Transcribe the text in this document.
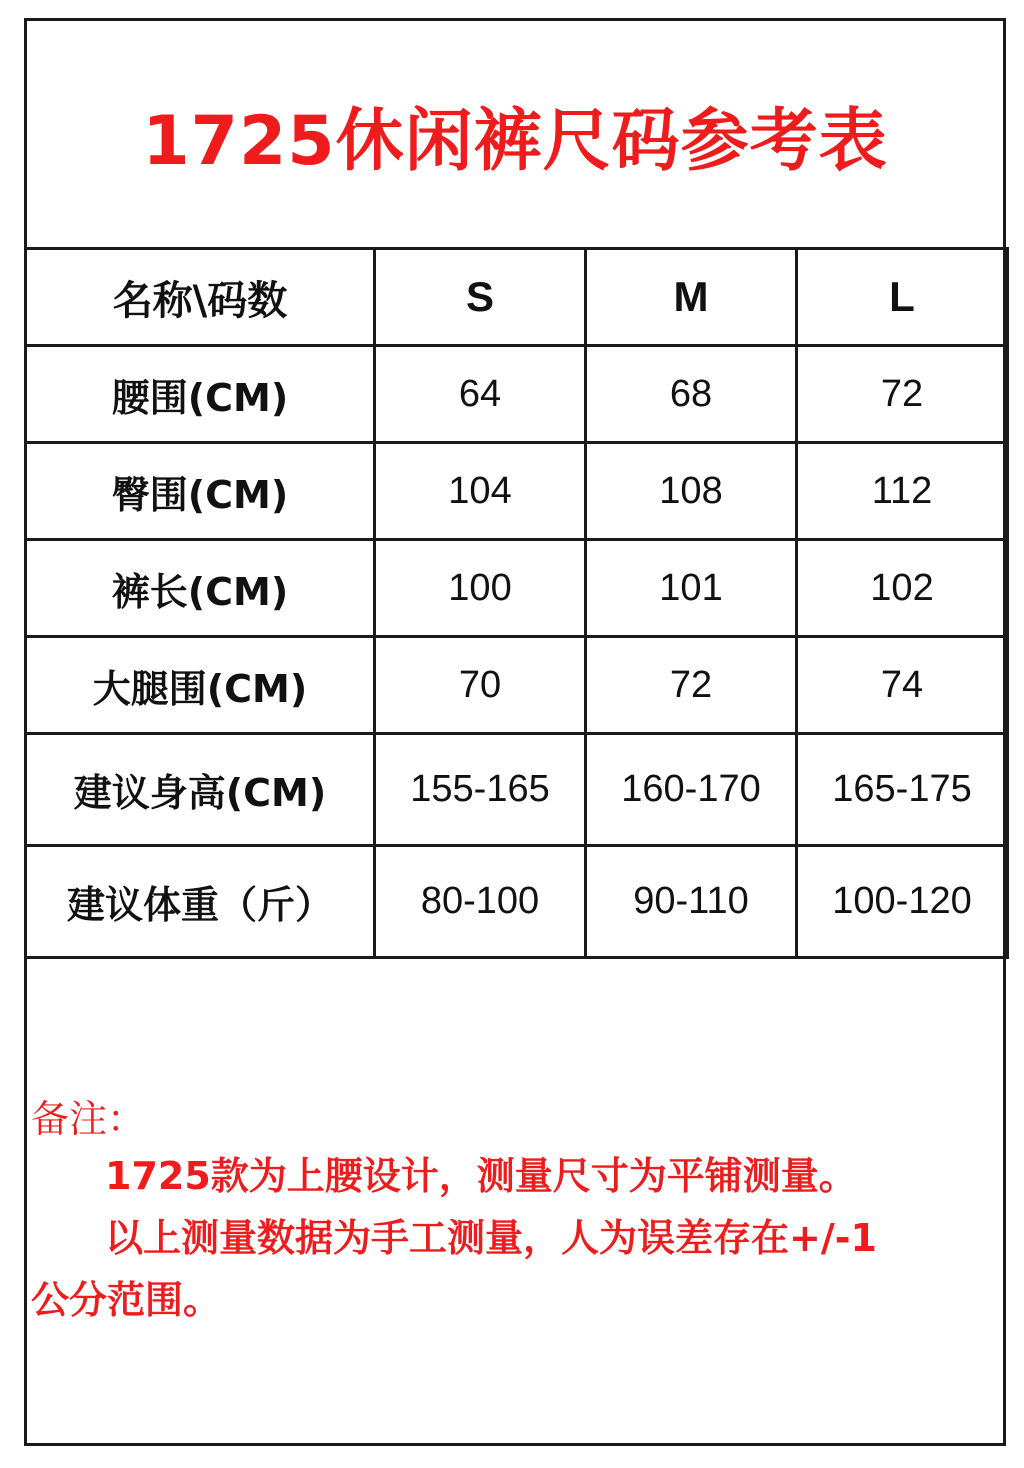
1725休闲裤尺码参考表
名称\码数	S	M	L
腰围(CM)	64	68	72
臀围(CM)	104	108	112
裤长(CM)	100	101	102
大腿围(CM)	70	72	74
建议身高(CM)	155-165	160-170	165-175
建议体重（斤）	80-100	90-110	100-120
备注：
1725款为上腰设计，测量尺寸为平铺测量。
以上测量数据为手工测量，人为误差存在+/-1
公分范围。
